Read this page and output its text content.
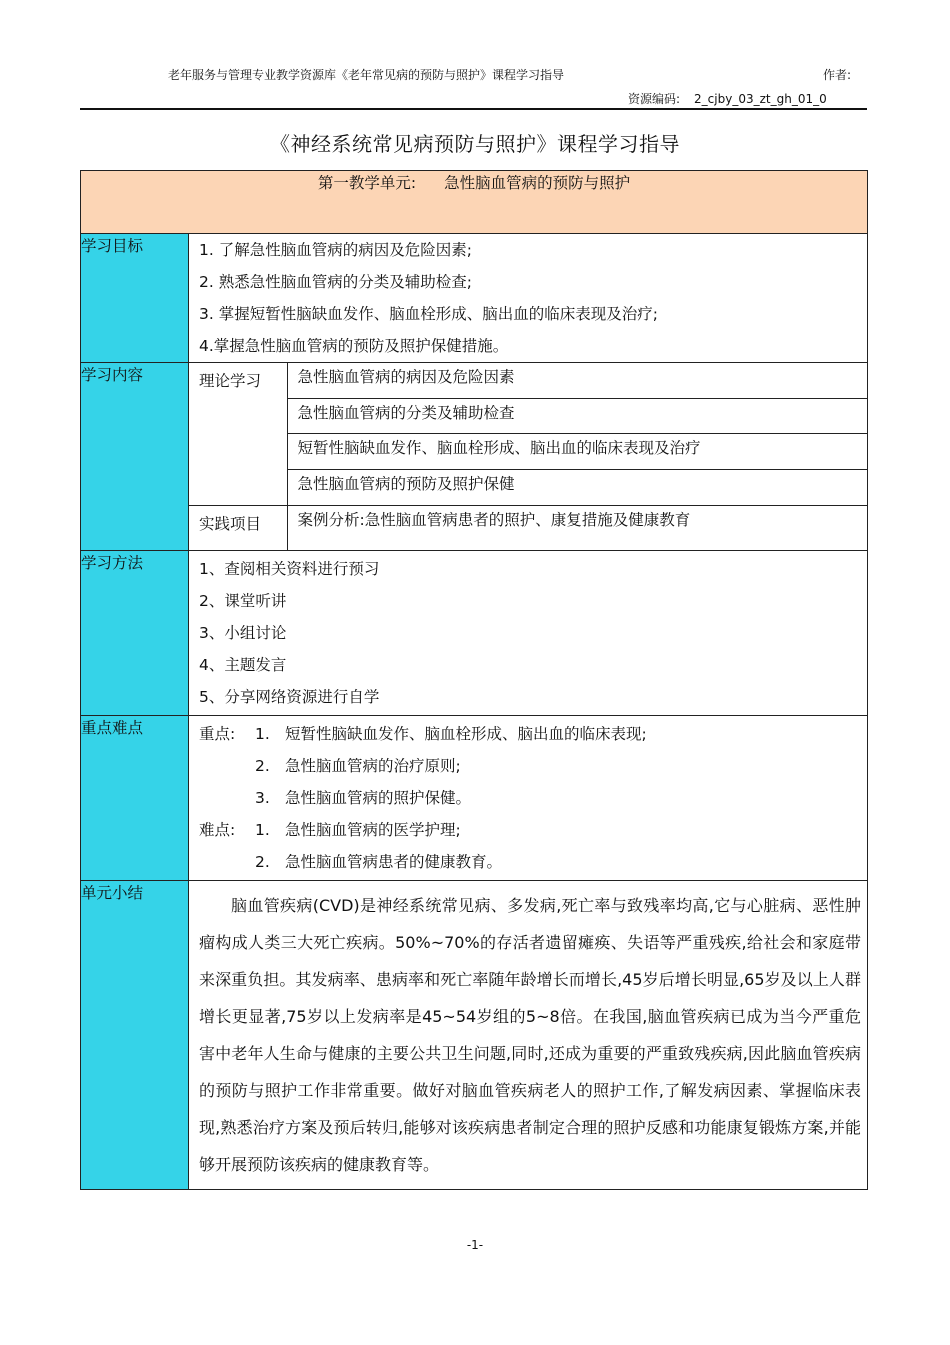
老年服务与管理专业教学资源库《老年常见病的预防与照护》课程学习指导	作者:
资源编码: 2_cjby_03_zt_gh_01_0
《神经系统常见病预防与照护》课程学习指导
第一教学单元: 急性脑血管病的预防与照护
学习目标	1. 了解急性脑血管病的病因及危险因素;
2. 熟悉急性脑血管病的分类及辅助检查;
3. 掌握短暂性脑缺血发作、脑血栓形成、脑出血的临床表现及治疗;
4.掌握急性脑血管病的预防及照护保健措施。

学习内容		理论学习	急性脑血管病的病因及危险因素
急性脑血管病的分类及辅助检查
短暂性脑缺血发作、脑血栓形成、脑出血的临床表现及治疗
急性脑血管病的预防及照护保健
实践项目	案例分析:急性脑血管病患者的照护、康复措施及健康教育

学习方法	1、查阅相关资料进行预习
2、课堂听讲
3、小组讨论
4、主题发言
5、分享网络资源进行自学

重点难点	重点: 1. 短暂性脑缺血发作、脑血栓形成、脑出血的临床表现;
2. 急性脑血管病的治疗原则;
3. 急性脑血管病的照护保健。
难点: 1. 急性脑血管病的医学护理;
2. 急性脑血管病患者的健康教育。

单元小结	
脑血管疾病(CVD)是神经系统常见病、多发病,死亡率与致残率均高,它与心脏病、恶性肿瘤构成人类三大死亡疾病。50%~70%的存活者遗留瘫痪、失语等严重残疾,给社会和家庭带来深重负担。其发病率、患病率和死亡率随年龄增长而增长,45岁后增长明显,65岁及以上人群增长更显著,75岁以上发病率是45~54岁组的5~8倍。在我国,脑血管疾病已成为当今严重危害中老年人生命与健康的主要公共卫生问题,同时,还成为重要的严重致残疾病,因此脑血管疾病的预防与照护工作非常重要。做好对脑血管疾病老人的照护工作,了解发病因素、掌握临床表现,熟悉治疗方案及预后转归,能够对该疾病患者制定合理的照护反感和功能康复锻炼方案,并能够开展预防该疾病的健康教育等。
-1-
